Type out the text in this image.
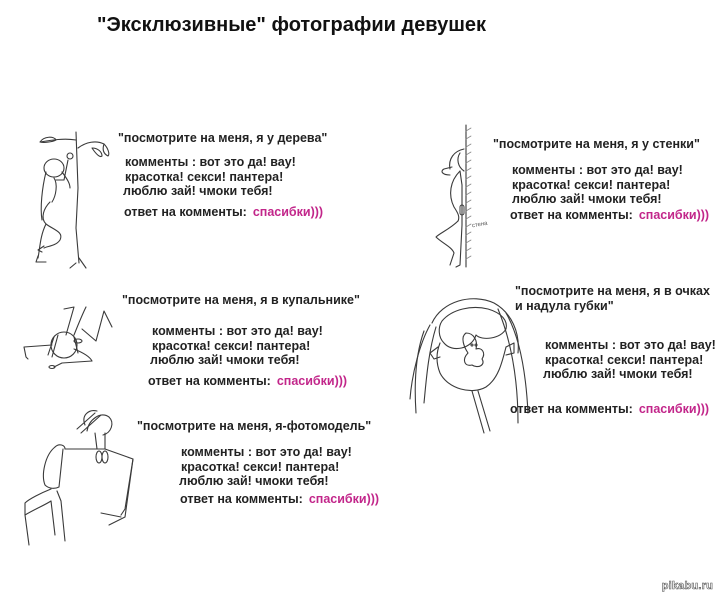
"Эксклюзивные" фотографии девушек
"посмотрите на меня, я у дерева"
комменты : вот это да! вау!
красотка! секси! пантера!
люблю зай! чмоки тебя!
ответ на комменты: спасибки)))
стена
"посмотрите на меня, я у стенки"
комменты : вот это да! вау!
красотка! секси! пантера!
люблю зай! чмоки тебя!
ответ на комменты: спасибки)))
"посмотрите на меня, я в купальнике"
комменты : вот это да! вау!
красотка! секси! пантера!
люблю зай! чмоки тебя!
ответ на комменты: спасибки)))
"посмотрите на меня, я в очках
и надула губки"
комменты : вот это да! вау!
красотка! секси! пантера!
люблю зай! чмоки тебя!
ответ на комменты: спасибки)))
"посмотрите на меня, я-фотомодель"
комменты : вот это да! вау!
красотка! секси! пантера!
люблю зай! чмоки тебя!
ответ на комменты: спасибки)))
pikabu.ru
